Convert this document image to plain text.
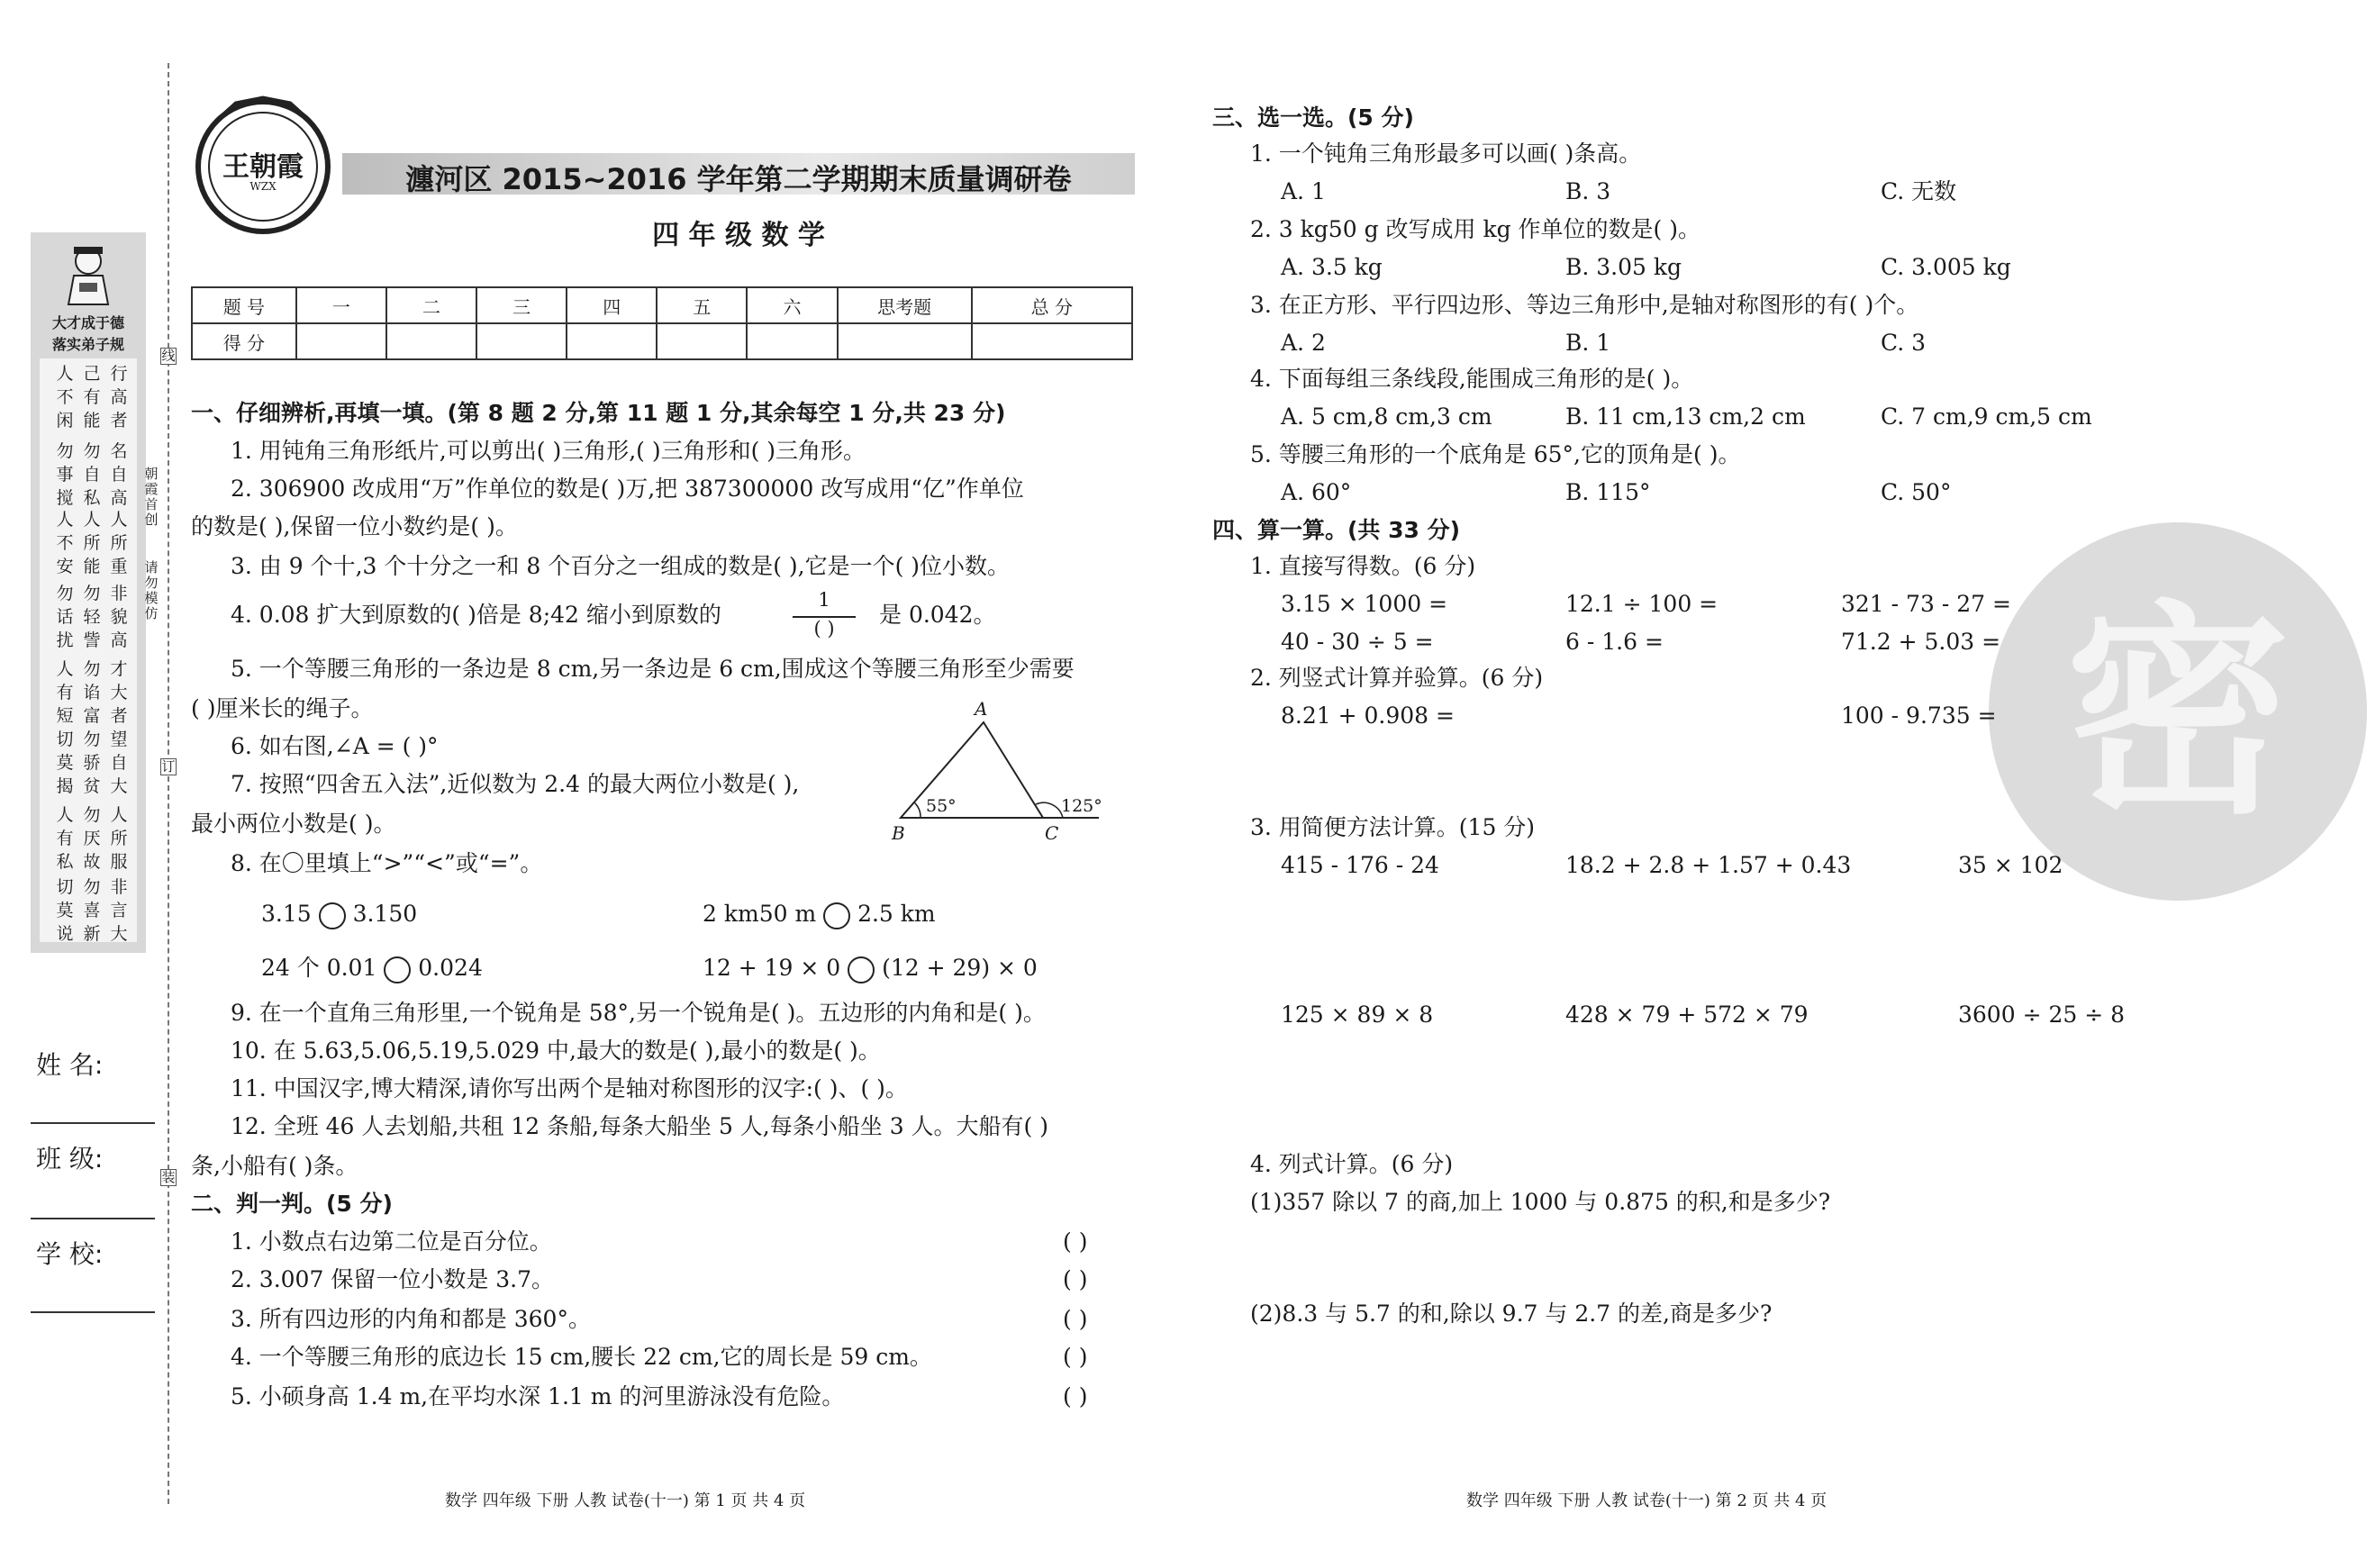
大才成于德
落实弟子规
人不闲
己有能
行高者
勿事搅
勿自私
名自高
人不安
人所能
人所重
勿话扰
勿轻訾
非貌高
人有短
勿谄富
才大者
切莫揭
勿骄贫
望自大
人有私
勿厌故
人所服
切莫说
勿喜新
非言大
线
朝霞首创
请勿模仿
订
装
姓 名:
班 级:
学 校:
王朝霞
WZX	瀍河区 2015~2016 学年第二学期期末质量调研卷
四 年 级 数 学
题 号	一	二	三	四	五	六	思考题	总 分
得 分								
一、仔细辨析,再填一填。(第 8 题 2 分,第 11 题 1 分,其余每空 1 分,共 23 分)
1. 用钝角三角形纸片,可以剪出( )三角形,( )三角形和( )三角形。
2. 306900 改成用“万”作单位的数是( )万,把 387300000 改写成用“亿”作单位
的数是( ),保留一位小数约是( )。
3. 由 9 个十,3 个十分之一和 8 个百分之一组成的数是( ),它是一个( )位小数。
4. 0.08 扩大到原数的( )倍是 8;42 缩小到原数的
1
( )
是 0.042。
5. 一个等腰三角形的一条边是 8 cm,另一条边是 6 cm,围成这个等腰三角形至少需要
( )厘米长的绳子。
6. 如右图,∠A = ( )°
7. 按照“四舍五入法”,近似数为 2.4 的最大两位小数是( ),
最小两位小数是( )。
8. 在〇里填上“>”“<”或“=”。
A
B	C
55°	125°
3.15 3.150	2 km50 m 2.5 km
24 个 0.01 0.024	12 + 19 × 0 (12 + 29) × 0
9. 在一个直角三角形里,一个锐角是 58°,另一个锐角是( )。五边形的内角和是( )。
10. 在 5.63,5.06,5.19,5.029 中,最大的数是( ),最小的数是( )。
11. 中国汉字,博大精深,请你写出两个是轴对称图形的汉字:( )、( )。
12. 全班 46 人去划船,共租 12 条船,每条大船坐 5 人,每条小船坐 3 人。大船有( )
条,小船有( )条。
二、判一判。(5 分)
1. 小数点右边第二位是百分位。
2. 3.007 保留一位小数是 3.7。
3. 所有四边形的内角和都是 360°。
4. 一个等腰三角形的底边长 15 cm,腰长 22 cm,它的周长是 59 cm。
5. 小硕身高 1.4 m,在平均水深 1.1 m 的河里游泳没有危险。
( )
( )
( )
( )
( )
密
三、选一选。(5 分)
1. 一个钝角三角形最多可以画( )条高。
A. 1	B. 3	C. 无数
2. 3 kg50 g 改写成用 kg 作单位的数是( )。
A. 3.5 kg	B. 3.05 kg	C. 3.005 kg
3. 在正方形、平行四边形、等边三角形中,是轴对称图形的有( )个。
A. 2	B. 1	C. 3
4. 下面每组三条线段,能围成三角形的是( )。
A. 5 cm,8 cm,3 cm	B. 11 cm,13 cm,2 cm	C. 7 cm,9 cm,5 cm
5. 等腰三角形的一个底角是 65°,它的顶角是( )。
A. 60°	B. 115°	C. 50°
四、算一算。(共 33 分)
1. 直接写得数。(6 分)
3.15 × 1000 =	12.1 ÷ 100 =	321 - 73 - 27 =
40 - 30 ÷ 5 =	6 - 1.6 =	71.2 + 5.03 =
2. 列竖式计算并验算。(6 分)
8.21 + 0.908 =	100 - 9.735 =
3. 用简便方法计算。(15 分)
415 - 176 - 24	18.2 + 2.8 + 1.57 + 0.43	35 × 102
125 × 89 × 8	428 × 79 + 572 × 79	3600 ÷ 25 ÷ 8
4. 列式计算。(6 分)
(1)357 除以 7 的商,加上 1000 与 0.875 的积,和是多少?
(2)8.3 与 5.7 的和,除以 9.7 与 2.7 的差,商是多少?
数学 四年级 下册 人教 试卷(十一) 第 1 页 共 4 页	数学 四年级 下册 人教 试卷(十一) 第 2 页 共 4 页
